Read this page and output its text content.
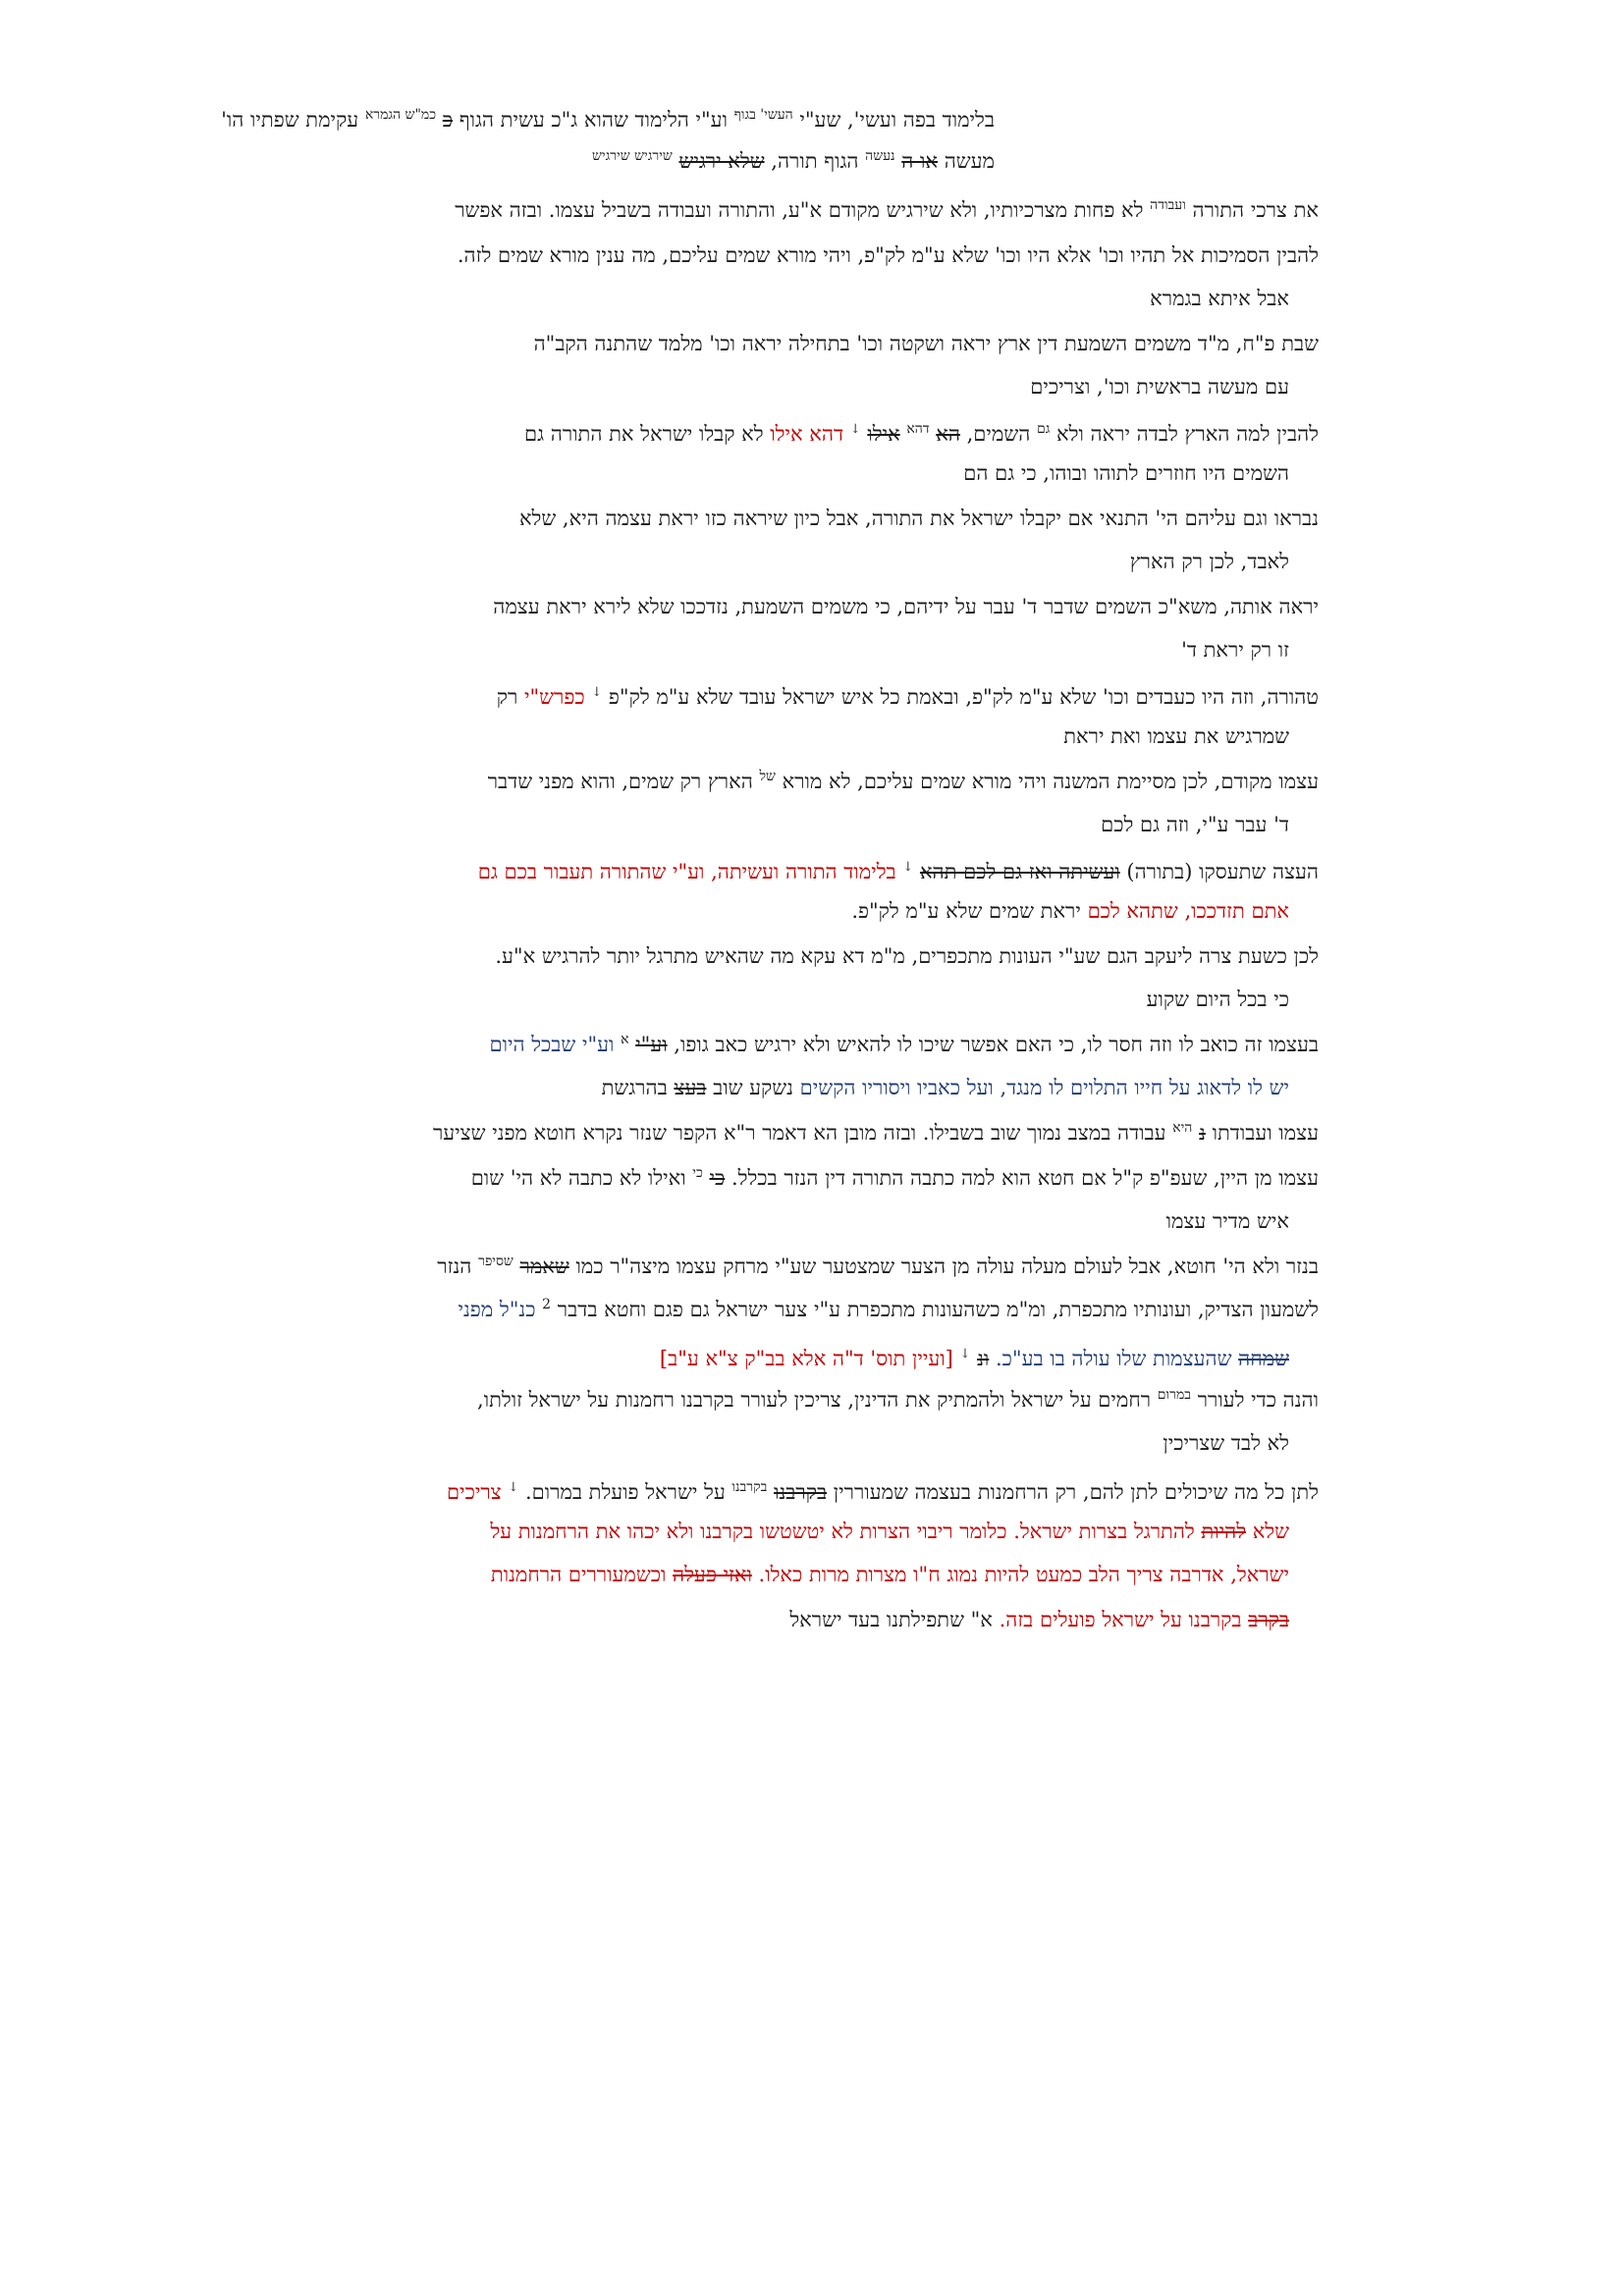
בלימוד בפה ועשי', שע"י $^{העשי' בגוף}$ וע"י הלימוד שהוא ג"כ עשית הגוף כ $^{כמ"ש הגמרא}$ עקימת שפתיו הו'
מעשה או ה $^{נעשה}$ הגוף תורה, שלא ירגיש $^{שירגיש שירגיש}$
את צרכי התורה $^{ועבודה}$ לא פחות מצרכיותיו, ולא שירגיש מקודם א"ע, והתורה ועבודה בשביל עצמו. ובזה אפשר
להבין הסמיכות אל תהיו וכו' אלא היו וכו' שלא ע"מ לק"פ, ויהי מורא שמים עליכם, מה ענין מורא שמים לזה.
אבל איתא בגמרא
שבת פ"ח, מ"ד משמים השמעת דין ארץ יראה ושקטה וכו' בתחילה יראה וכו' מלמד שהתנה הקב"ה
עם מעשה בראשית וכו', וצריכים
להבין למה הארץ לבדה יראה ולא $^{גם}$ השמים, הא $^{דהא}$ אילו ↓ דהא אילו לא קבלו ישראל את התורה גם
השמים היו חוזרים לתוהו ובוהו, כי גם הם
נבראו וגם עליהם הי' התנאי אם יקבלו ישראל את התורה, אבל כיון שיראה כזו יראת עצמה היא, שלא
לאבד, לכן רק הארץ
יראה אותה, משא"כ השמים שדבר ד' עבר על ידיהם, כי משמים השמעת, נזדככו שלא לירא יראת עצמה
זו רק יראת ד'
טהורה, וזה היו כעבדים וכו' שלא ע"מ לק"פ, ובאמת כל איש ישראל עובד שלא ע"מ לק"פ ↓ כפרש"י רק
שמרגיש את עצמו ואת יראת
עצמו מקודם, לכן מסיימת המשנה ויהי מורא שמים עליכם, לא מורא $^{של}$ הארץ רק שמים, והוא מפני שדבר
ד' עבר ע"י, וזה גם לכם
העצה שתעסקו (בתורה) ועשיתה ואז גם לכם תהא ↓ בלימוד התורה ועשיתה, וע"י שהתורה תעבור בכם גם
אתם תזדככו, שתהא לכם יראת שמים שלא ע"מ לק"פ.
לכן כשעת צרה ליעקב הגם שע"י העונות מתכפרים, מ"מ דא עקא מה שהאיש מתרגל יותר להרגיש א"ע.
כי בכל היום שקוע
בעצמו זה כואב לו וזה חסר לו, כי האם אפשר שיכו לו להאיש ולא ירגיש כאב גופו, וע"י $^א$ וע"י שבכל היום
יש לו לדאוג על חייו התלוים לו מנגד, ועל כאביו ויסוריו הקשים נשקע שוב בעצ בהרגשת
עצמו ועבודתו נ $^{היא}$ עבודה במצב נמוך שוב בשבילו. ובזה מובן הא דאמר ר"א הקפר שנזר נקרא חוטא מפני שציער
עצמו מן היין, שעפ"פ ק"ל אם חטא הוא למה כתבה התורה דין הנזר בכלל. כי $^{כי}$ ואילו לא כתבה לא הי' שום
איש מדיר עצמו
בנזר ולא הי' חוטא, אבל לעולם מעלה עולה מן הצער שמצטער שע"י מרחק עצמו מיצה"ר כמו שאמר $^{שסיפר}$ הנזר
לשמעון הצדיק, ועונותיו מתכפרת, ומ"מ כשהעונות מתכפרת ע"י צער ישראל גם פגם וחטא בדבר $^2$ כנ"ל מפני
שמחה שהעצמות שלו עולה בו בע"כ. ונ ↓ [ועיין תוס' ד"ה אלא בב"ק צ"א ע"ב]
והנה כדי לעורר $^{במרום}$ רחמים על ישראל ולהמתיק את הדינין, צריכין לעורר בקרבנו רחמנות על ישראל זולתו,
לא לבד שצריכין
לתן כל מה שיכולים לתן להם, רק הרחמנות בעצמה שמעוררין בקרבנו $^{בקרבנו}$ על ישראל פועלת במרום. ↓ צריכים
שלא להיות להתרגל בצרות ישראל. כלומר ריבוי הצרות לא יטשטשו בקרבנו ולא יכהו את הרחמנות על
ישראל, אדרבה צריך הלב כמעט להיות נמוג ח"ו מצרות מרות כאלו. ואזי פעלה וכשמעוררים הרחמנות
בקרב בקרבנו על ישראל פועלים בזה. א" שתפילתנו בעד ישראל
